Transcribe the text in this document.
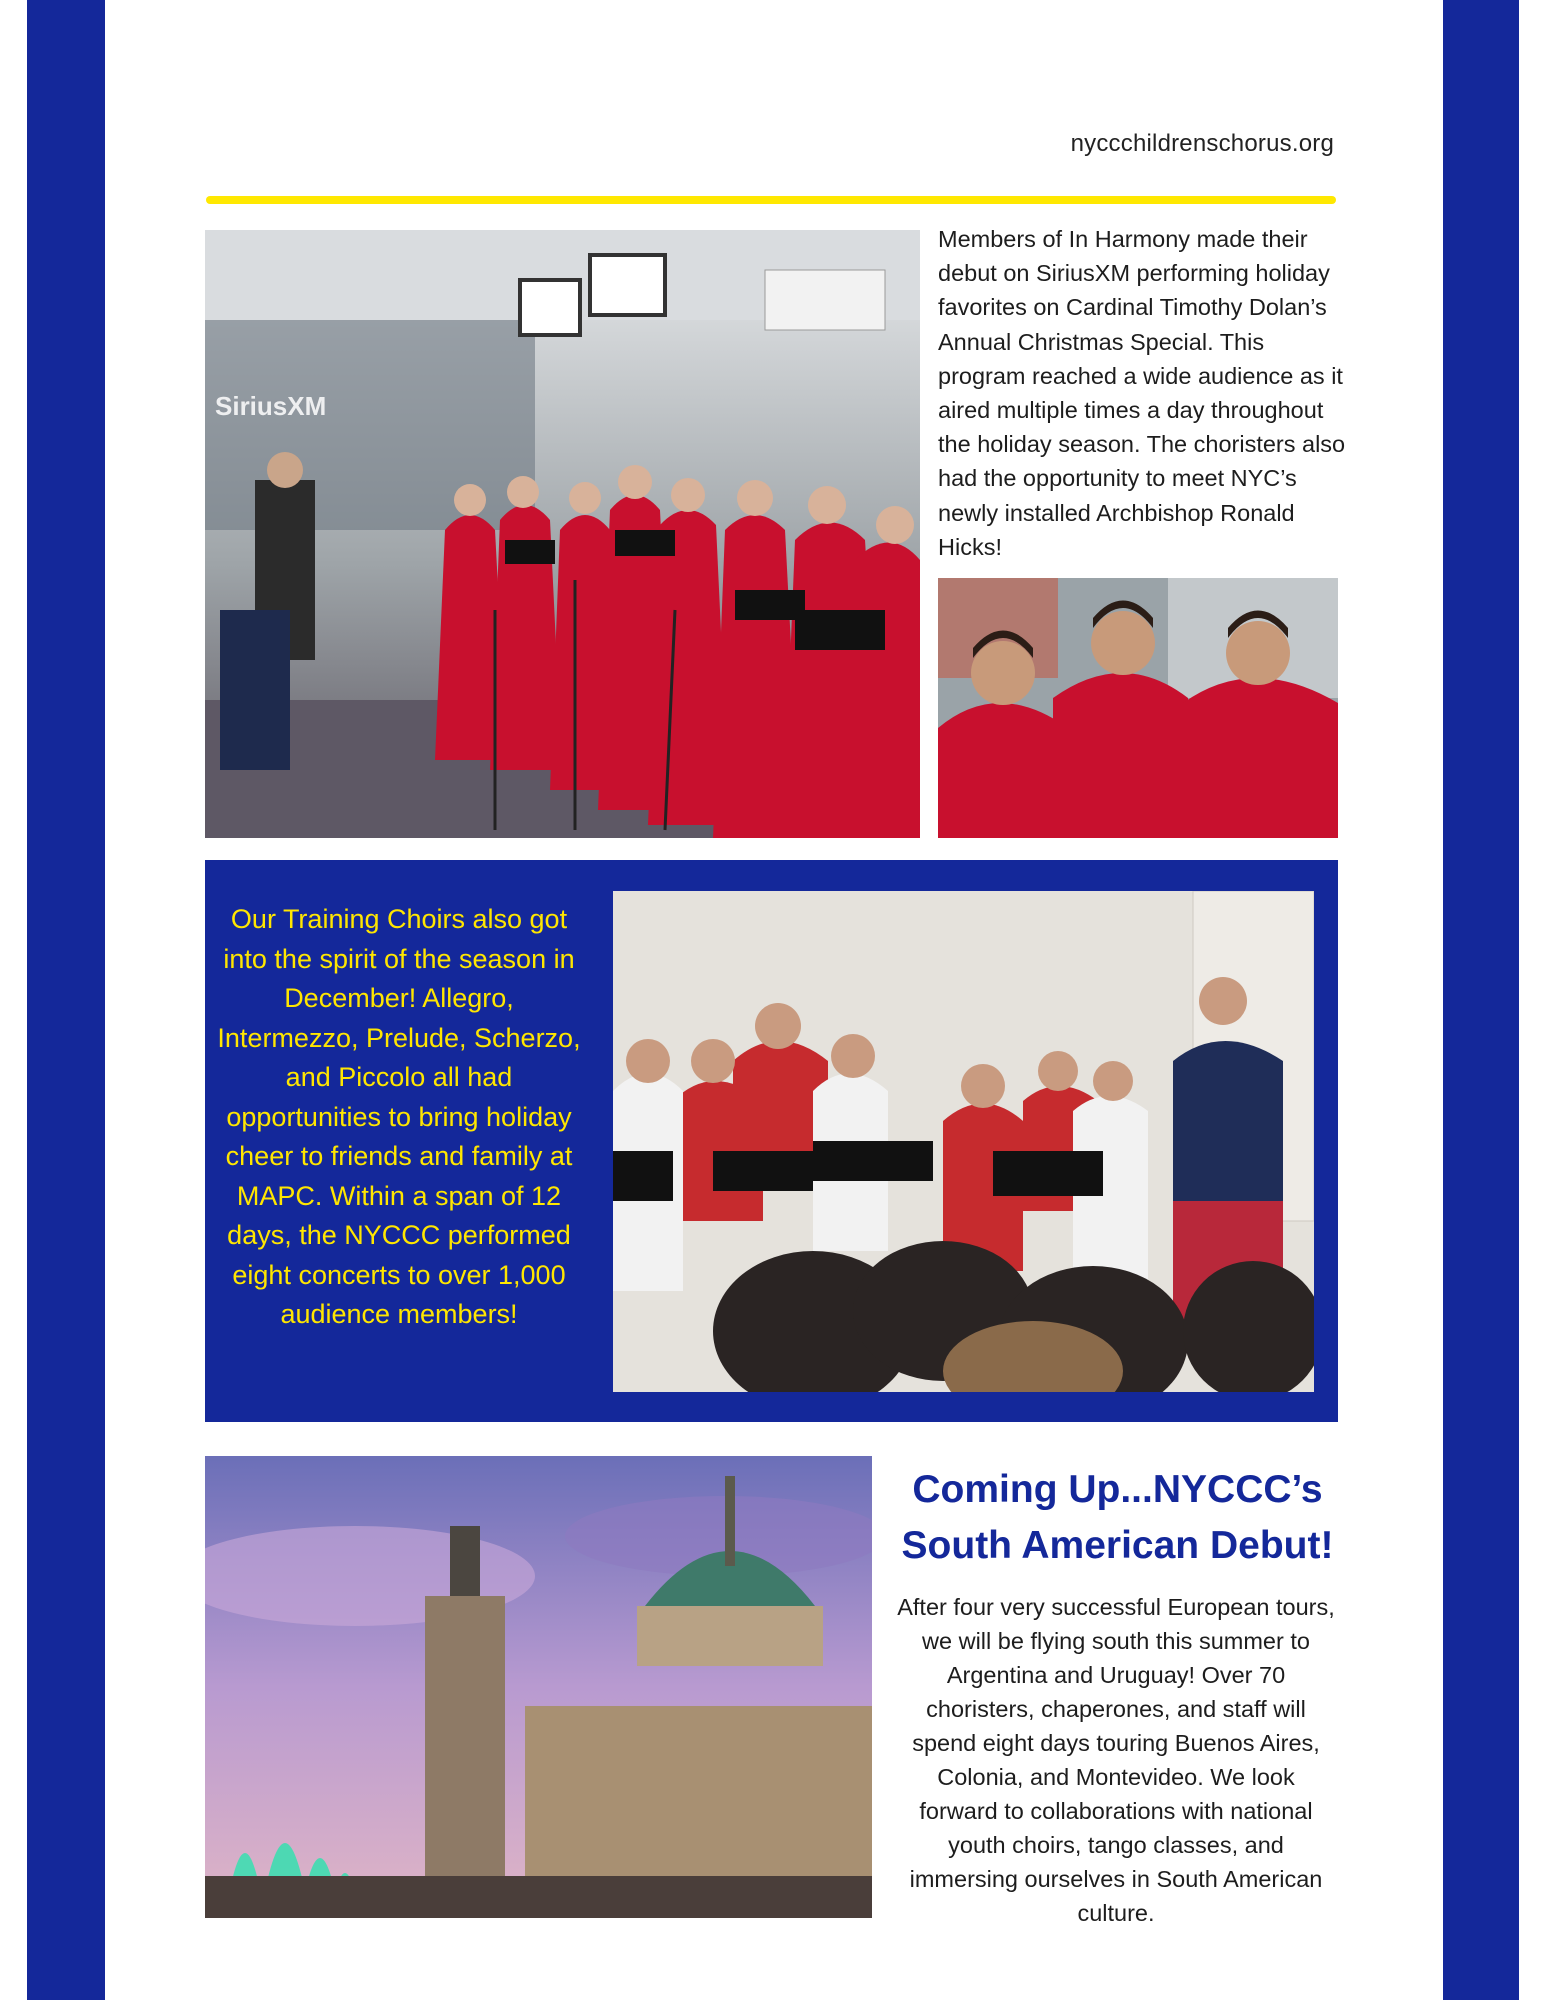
nyccchildrenschorus.org
SiriusXM
Members of In Harmony made their debut on SiriusXM performing holiday favorites on Cardinal Timothy Dolan’s Annual Christmas Special. This program reached a wide audience as it aired multiple times a day throughout the holiday season. The choristers also had the opportunity to meet NYC’s newly installed Archbishop Ronald Hicks!
Our Training Choirs also got into the spirit of the season in December! Allegro, Intermezzo, Prelude, Scherzo, and Piccolo all had opportunities to bring holiday cheer to friends and family at MAPC. Within a span of 12 days, the NYCCC performed eight concerts to over 1,000 audience members!
Coming Up...NYCCC’s South American Debut!
After four very successful European tours, we will be flying south this summer to Argentina and Uruguay! Over 70 choristers, chaperones, and staff will spend eight days touring Buenos Aires, Colonia, and Montevideo. We look forward to collaborations with national youth choirs, tango classes, and immersing ourselves in South American culture.
